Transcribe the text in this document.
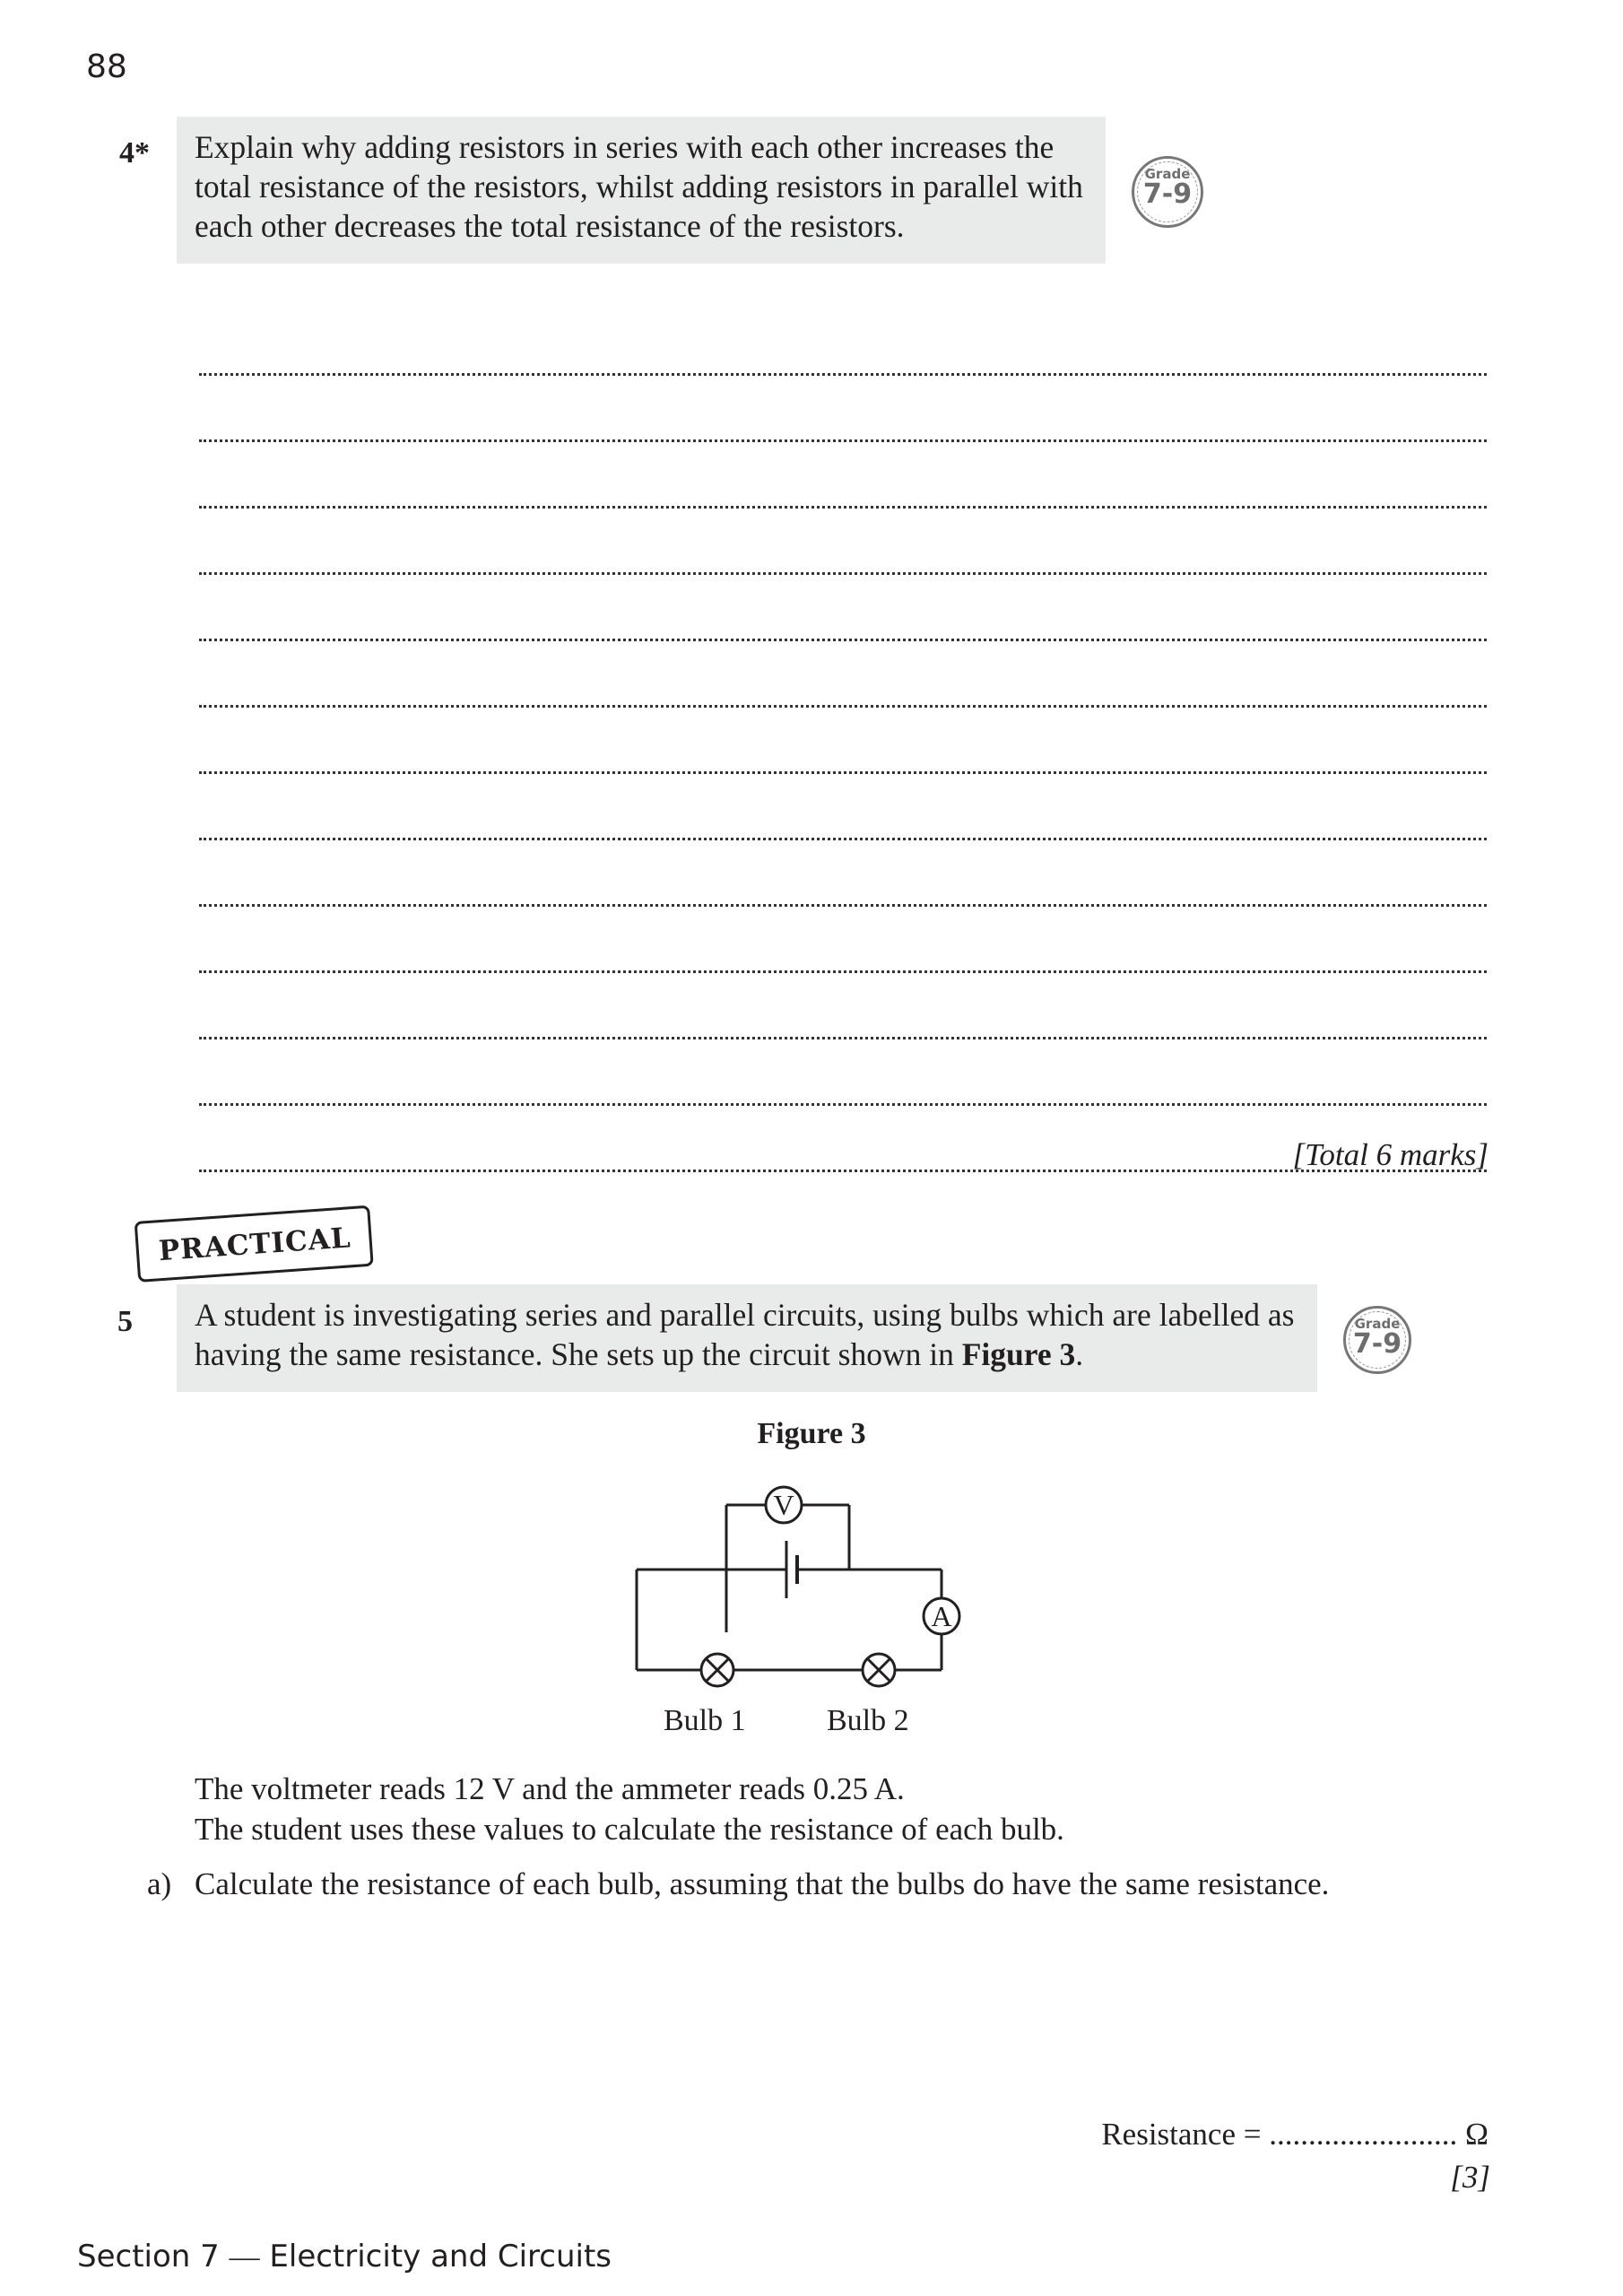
88
4*	Explain why adding resistors in series with each other increases the total resistance of the resistors, whilst adding resistors in parallel with each other decreases the total resistance of the resistors.
Grade
7-9
[Total 6 marks]
PRACTICAL
5	A student is investigating series and parallel circuits, using bulbs which are labelled as having the same resistance. She sets up the circuit shown in Figure 3.
Grade
7-9
Figure 3
V
A
Bulb 1	Bulb 2
The voltmeter reads 12 V and the ammeter reads 0.25 A.
The student uses these values to calculate the resistance of each bulb.
a) Calculate the resistance of each bulb, assuming that the bulbs do have the same resistance.
Resistance = ........................ Ω
[3]
Section 7 — Electricity and Circuits
